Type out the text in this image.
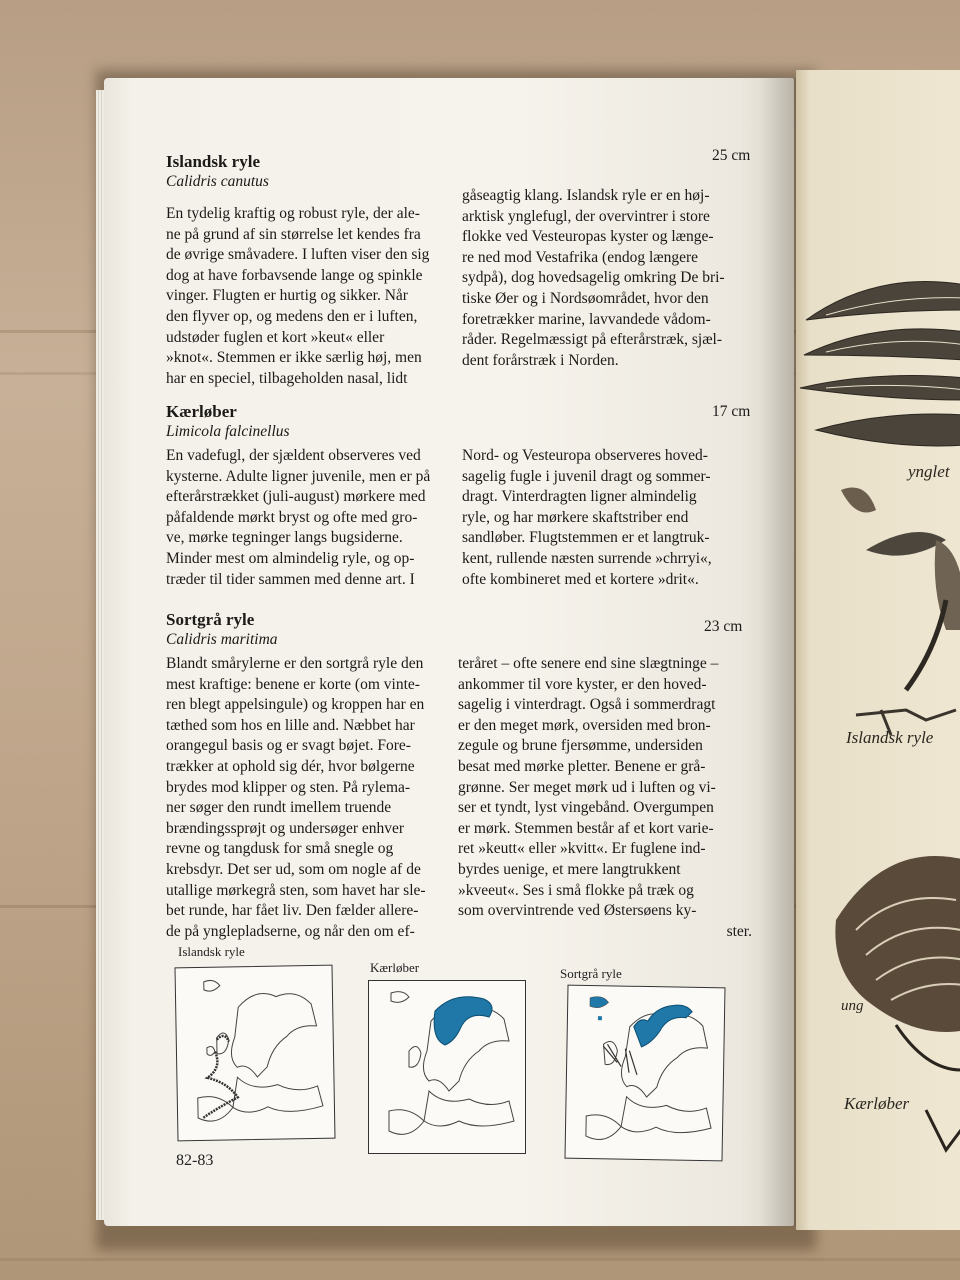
ynglet
Islandsk ryle
ung
Kærløber
Islandsk ryle	25 cm
Calidris canutus

En tydelig kraftig og robust ryle, der ale-

ne på grund af sin størrelse let kendes fra

de øvrige småvadere. I luften viser den sig

dog at have forbavsende lange og spinkle

vinger. Flugten er hurtig og sikker. Når

den flyver op, og medens den er i luften,

udstøder fuglen et kort »keut« eller

»knot«. Stemmen er ikke særlig høj, men

har en speciel, tilbageholden nasal, lidt

gåseagtig klang. Islandsk ryle er en høj-

arktisk ynglefugl, der overvintrer i store

flokke ved Vesteuropas kyster og længe-

re ned mod Vestafrika (endog længere

sydpå), dog hovedsagelig omkring De bri-

tiske Øer og i Nordsøområdet, hvor den

foretrækker marine, lavvandede vådom-

råder. Regelmæssigt på efterårstræk, sjæl-

dent forårstræk i Norden.

Kærløber	17 cm
Limicola falcinellus

En vadefugl, der sjældent observeres ved

kysterne. Adulte ligner juvenile, men er på

efterårstrækket (juli-august) mørkere med

påfaldende mørkt bryst og ofte med gro-

ve, mørke tegninger langs bugsiderne.

Minder mest om almindelig ryle, og op-

træder til tider sammen med denne art. I

Nord- og Vesteuropa observeres hoved-

sagelig fugle i juvenil dragt og sommer-

dragt. Vinterdragten ligner almindelig

ryle, og har mørkere skaftstriber end

sandløber. Flugtstemmen er et langtruk-

kent, rullende næsten surrende »chrryi«,

ofte kombineret med et kortere »drit«.

Sortgrå ryle	23 cm
Calidris maritima

Blandt smårylerne er den sortgrå ryle den

mest kraftige: benene er korte (om vinte-

ren blegt appelsingule) og kroppen har en

tæthed som hos en lille and. Næbbet har

orangegul basis og er svagt bøjet. Fore-

trækker at ophold sig dér, hvor bølgerne

brydes mod klipper og sten. På rylema-

ner søger den rundt imellem truende

brændingssprøjt og undersøger enhver

revne og tangdusk for små snegle og

krebsdyr. Det ser ud, som om nogle af de

utallige mørkegrå sten, som havet har sle-

bet runde, har fået liv. Den fælder allere-

de på ynglepladserne, og når den om ef-

teråret – ofte senere end sine slægtninge –

ankommer til vore kyster, er den hoved-

sagelig i vinterdragt. Også i sommerdragt

er den meget mørk, oversiden med bron-

zegule og brune fjersømme, undersiden

besat med mørke pletter. Benene er grå-

grønne. Ser meget mørk ud i luften og vi-

ser et tyndt, lyst vingebånd. Overgumpen

er mørk. Stemmen består af et kort varie-

ret »keutt« eller »kvitt«. Er fuglene ind-

byrdes uenige, et mere langtrukkent

»kveeut«. Ses i små flokke på træk og

som overvintrende ved Østersøens ky-

ster.

Islandsk ryle
Kærløber	Sortgrå ryle
82-83
